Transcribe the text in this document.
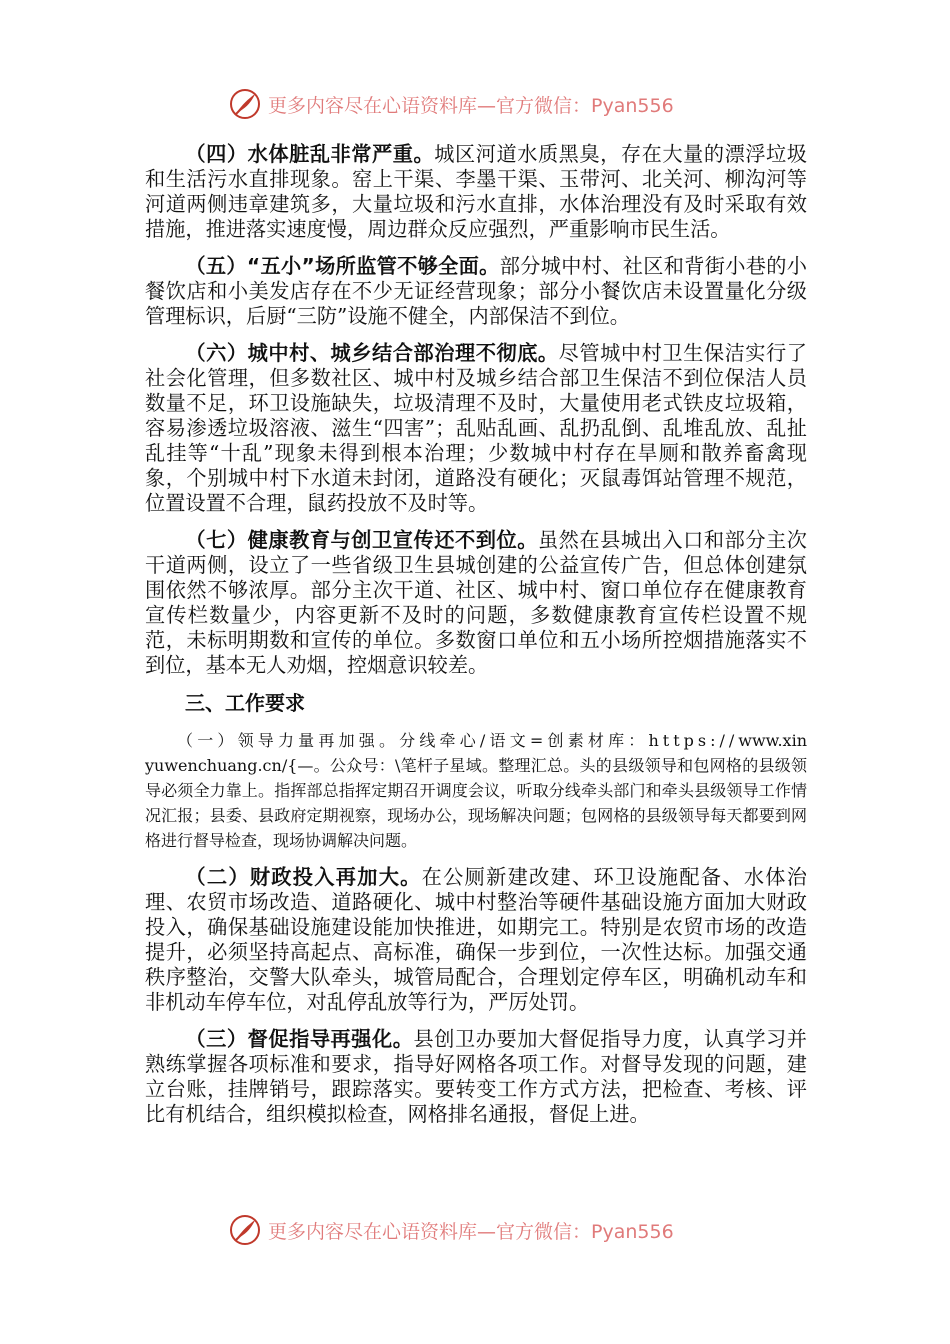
更多内容尽在心语资料库—官方微信：Pyan556

（四）水体脏乱非常严重。城区河道水质黑臭，存在大量的漂浮垃圾和生活污水直排现象。窑上干渠、李墨干渠、玉带河、北关河、柳沟河等河道两侧违章建筑多，大量垃圾和污水直排，水体治理没有及时采取有效措施，推进落实速度慢，周边群众反应强烈，严重影响市民生活。

（五）“五小”场所监管不够全面。部分城中村、社区和背街小巷的小餐饮店和小美发店存在不少无证经营现象；部分小餐饮店未设置量化分级管理标识，后厨“三防”设施不健全，内部保洁不到位。

（六）城中村、城乡结合部治理不彻底。尽管城中村卫生保洁实行了社会化管理，但多数社区、城中村及城乡结合部卫生保洁不到位保洁人员数量不足，环卫设施缺失，垃圾清理不及时，大量使用老式铁皮垃圾箱，容易渗透垃圾溶液、滋生“四害”；乱贴乱画、乱扔乱倒、乱堆乱放、乱扯乱挂等“十乱”现象未得到根本治理；少数城中村存在旱厕和散养畜禽现象，个别城中村下水道未封闭，道路没有硬化；灭鼠毒饵站管理不规范，位置设置不合理，鼠药投放不及时等。

（七）健康教育与创卫宣传还不到位。虽然在县城出入口和部分主次干道两侧，设立了一些省级卫生县城创建的公益宣传广告，但总体创建氛围依然不够浓厚。部分主次干道、社区、城中村、窗口单位存在健康教育宣传栏数量少，内容更新不及时的问题，多数健康教育宣传栏设置不规范，未标明期数和宣传的单位。多数窗口单位和五小场所控烟措施落实不到位，基本无人劝烟，控烟意识较差。

三、工作要求

（一）领导力量再加强。分线牵心/语文=创素材库：https://www.xinyuwenchuang.cn/{—。公众号：\笔杆子星域。整理汇总。头的县级领导和包网格的县级领导必须全力靠上。指挥部总指挥定期召开调度会议，听取分线牵头部门和牵头县级领导工作情况汇报；县委、县政府定期视察，现场办公，现场解决问题；包网格的县级领导每天都要到网格进行督导检查，现场协调解决问题。

（二）财政投入再加大。在公厕新建改建、环卫设施配备、水体治理、农贸市场改造、道路硬化、城中村整治等硬件基础设施方面加大财政投入，确保基础设施建设能加快推进，如期完工。特别是农贸市场的改造提升，必须坚持高起点、高标准，确保一步到位，一次性达标。加强交通秩序整治，交警大队牵头，城管局配合，合理划定停车区，明确机动车和非机动车停车位，对乱停乱放等行为，严厉处罚。

（三）督促指导再强化。县创卫办要加大督促指导力度，认真学习并熟练掌握各项标准和要求，指导好网格各项工作。对督导发现的问题，建立台账，挂牌销号，跟踪落实。要转变工作方式方法，把检查、考核、评比有机结合，组织模拟检查，网格排名通报，督促上进。

更多内容尽在心语资料库—官方微信：Pyan556
